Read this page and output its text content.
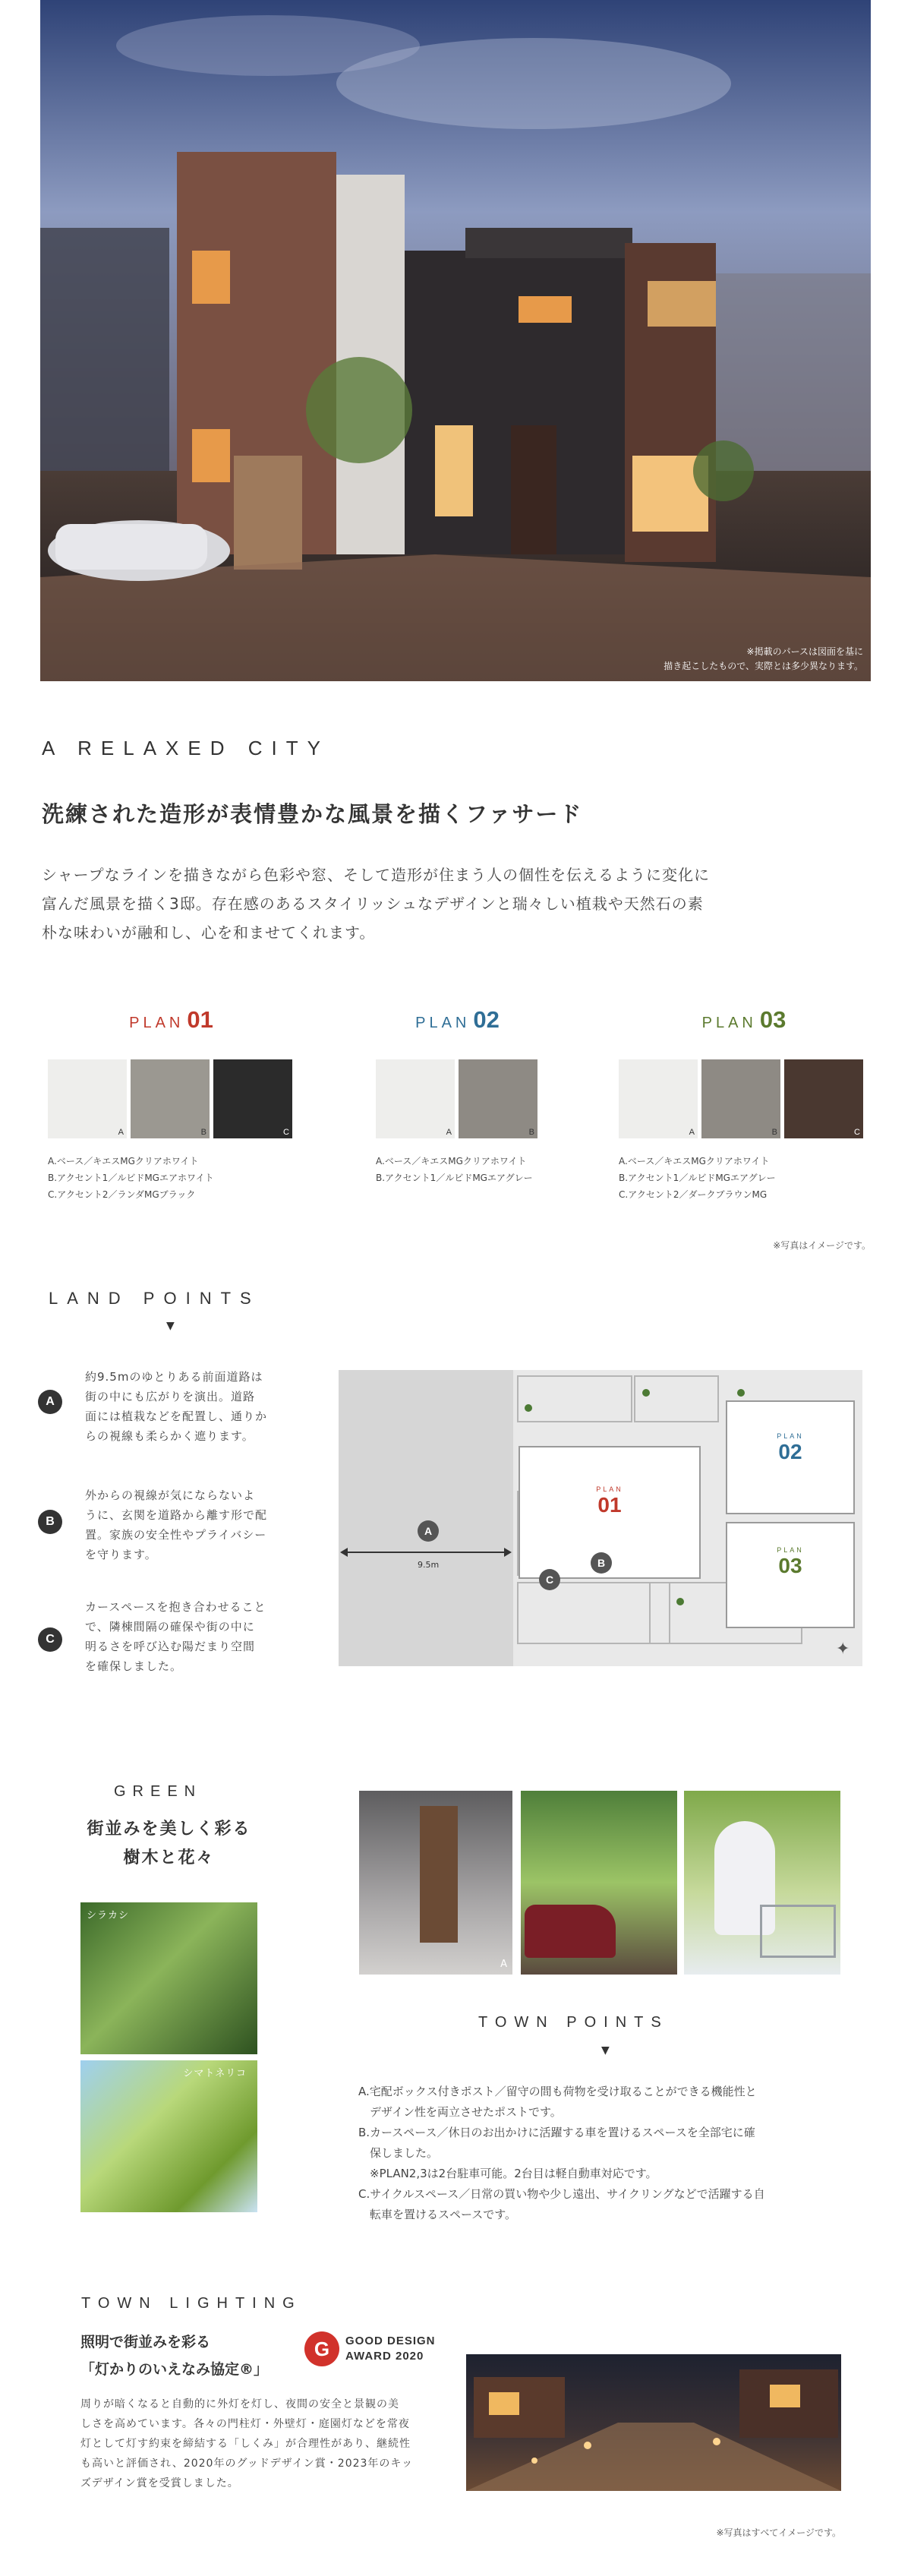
※掲載のパースは図面を基に
描き起こしたもので、実際とは多少異なります。
A RELAXED CITY
洗練された造形が表情豊かな風景を描くファサード
シャープなラインを描きながら色彩や窓、そして造形が住まう人の個性を伝えるように変化に
富んだ風景を描く3邸。存在感のあるスタイリッシュなデザインと瑞々しい植栽や天然石の素
朴な味わいが融和し、心を和ませてくれます。
PLAN 01
A	B	C
A.ベース／キエスMGクリアホワイト
B.アクセント1／ルビドMGエアホワイト
C.アクセント2／ランダMGブラック
PLAN 02
A	B
A.ベース／キエスMGクリアホワイト
B.アクセント1／ルビドMGエアグレー
PLAN 03
A	B	C
A.ベース／キエスMGクリアホワイト
B.アクセント1／ルビドMGエアグレー
C.アクセント2／ダークブラウンMG
※写真はイメージです。
LAND POINTS
▼
A
約9.5mのゆとりある前面道路は
街の中にも広がりを演出。道路
面には植栽などを配置し、通りか
らの視線も柔らかく遮ります。
B
外からの視線が気にならないよ
うに、玄関を道路から離す形で配
置。家族の安全性やプライバシー
を守ります。
C
カースペースを抱き合わせること
で、隣棟間隔の確保や街の中に
明るさを呼び込む陽だまり空間
を確保しました。
PLAN
01
PLAN
02
PLAN
03
9.5m
A
B
C
✦
GREEN
街並みを美しく彩る
樹木と花々
シラカシ
シマトネリコ
A
TOWN POINTS
▼
A.宅配ボックス付きポスト／留守の間も荷物を受け取ることができる機能性と
　デザイン性を両立させたポストです。
B.カースペース／休日のお出かけに活躍する車を置けるスペースを全部宅に確
　保しました。
　※PLAN2,3は2台駐車可能。2台目は軽自動車対応です。
C.サイクルスペース／日常の買い物や少し遠出、サイクリングなどで活躍する自
　転車を置けるスペースです。
TOWN LIGHTING
照明で街並みを彩る
「灯かりのいえなみ協定®」
G	GOOD DESIGN
AWARD 2020
周りが暗くなると自動的に外灯を灯し、夜間の安全と景観の美
しさを高めています。各々の門柱灯・外壁灯・庭園灯などを常夜
灯として灯す約束を締結する「しくみ」が合理性があり、継続性
も高いと評価され、2020年のグッドデザイン賞・2023年のキッ
ズデザイン賞を受賞しました。
※写真はすべてイメージです。
